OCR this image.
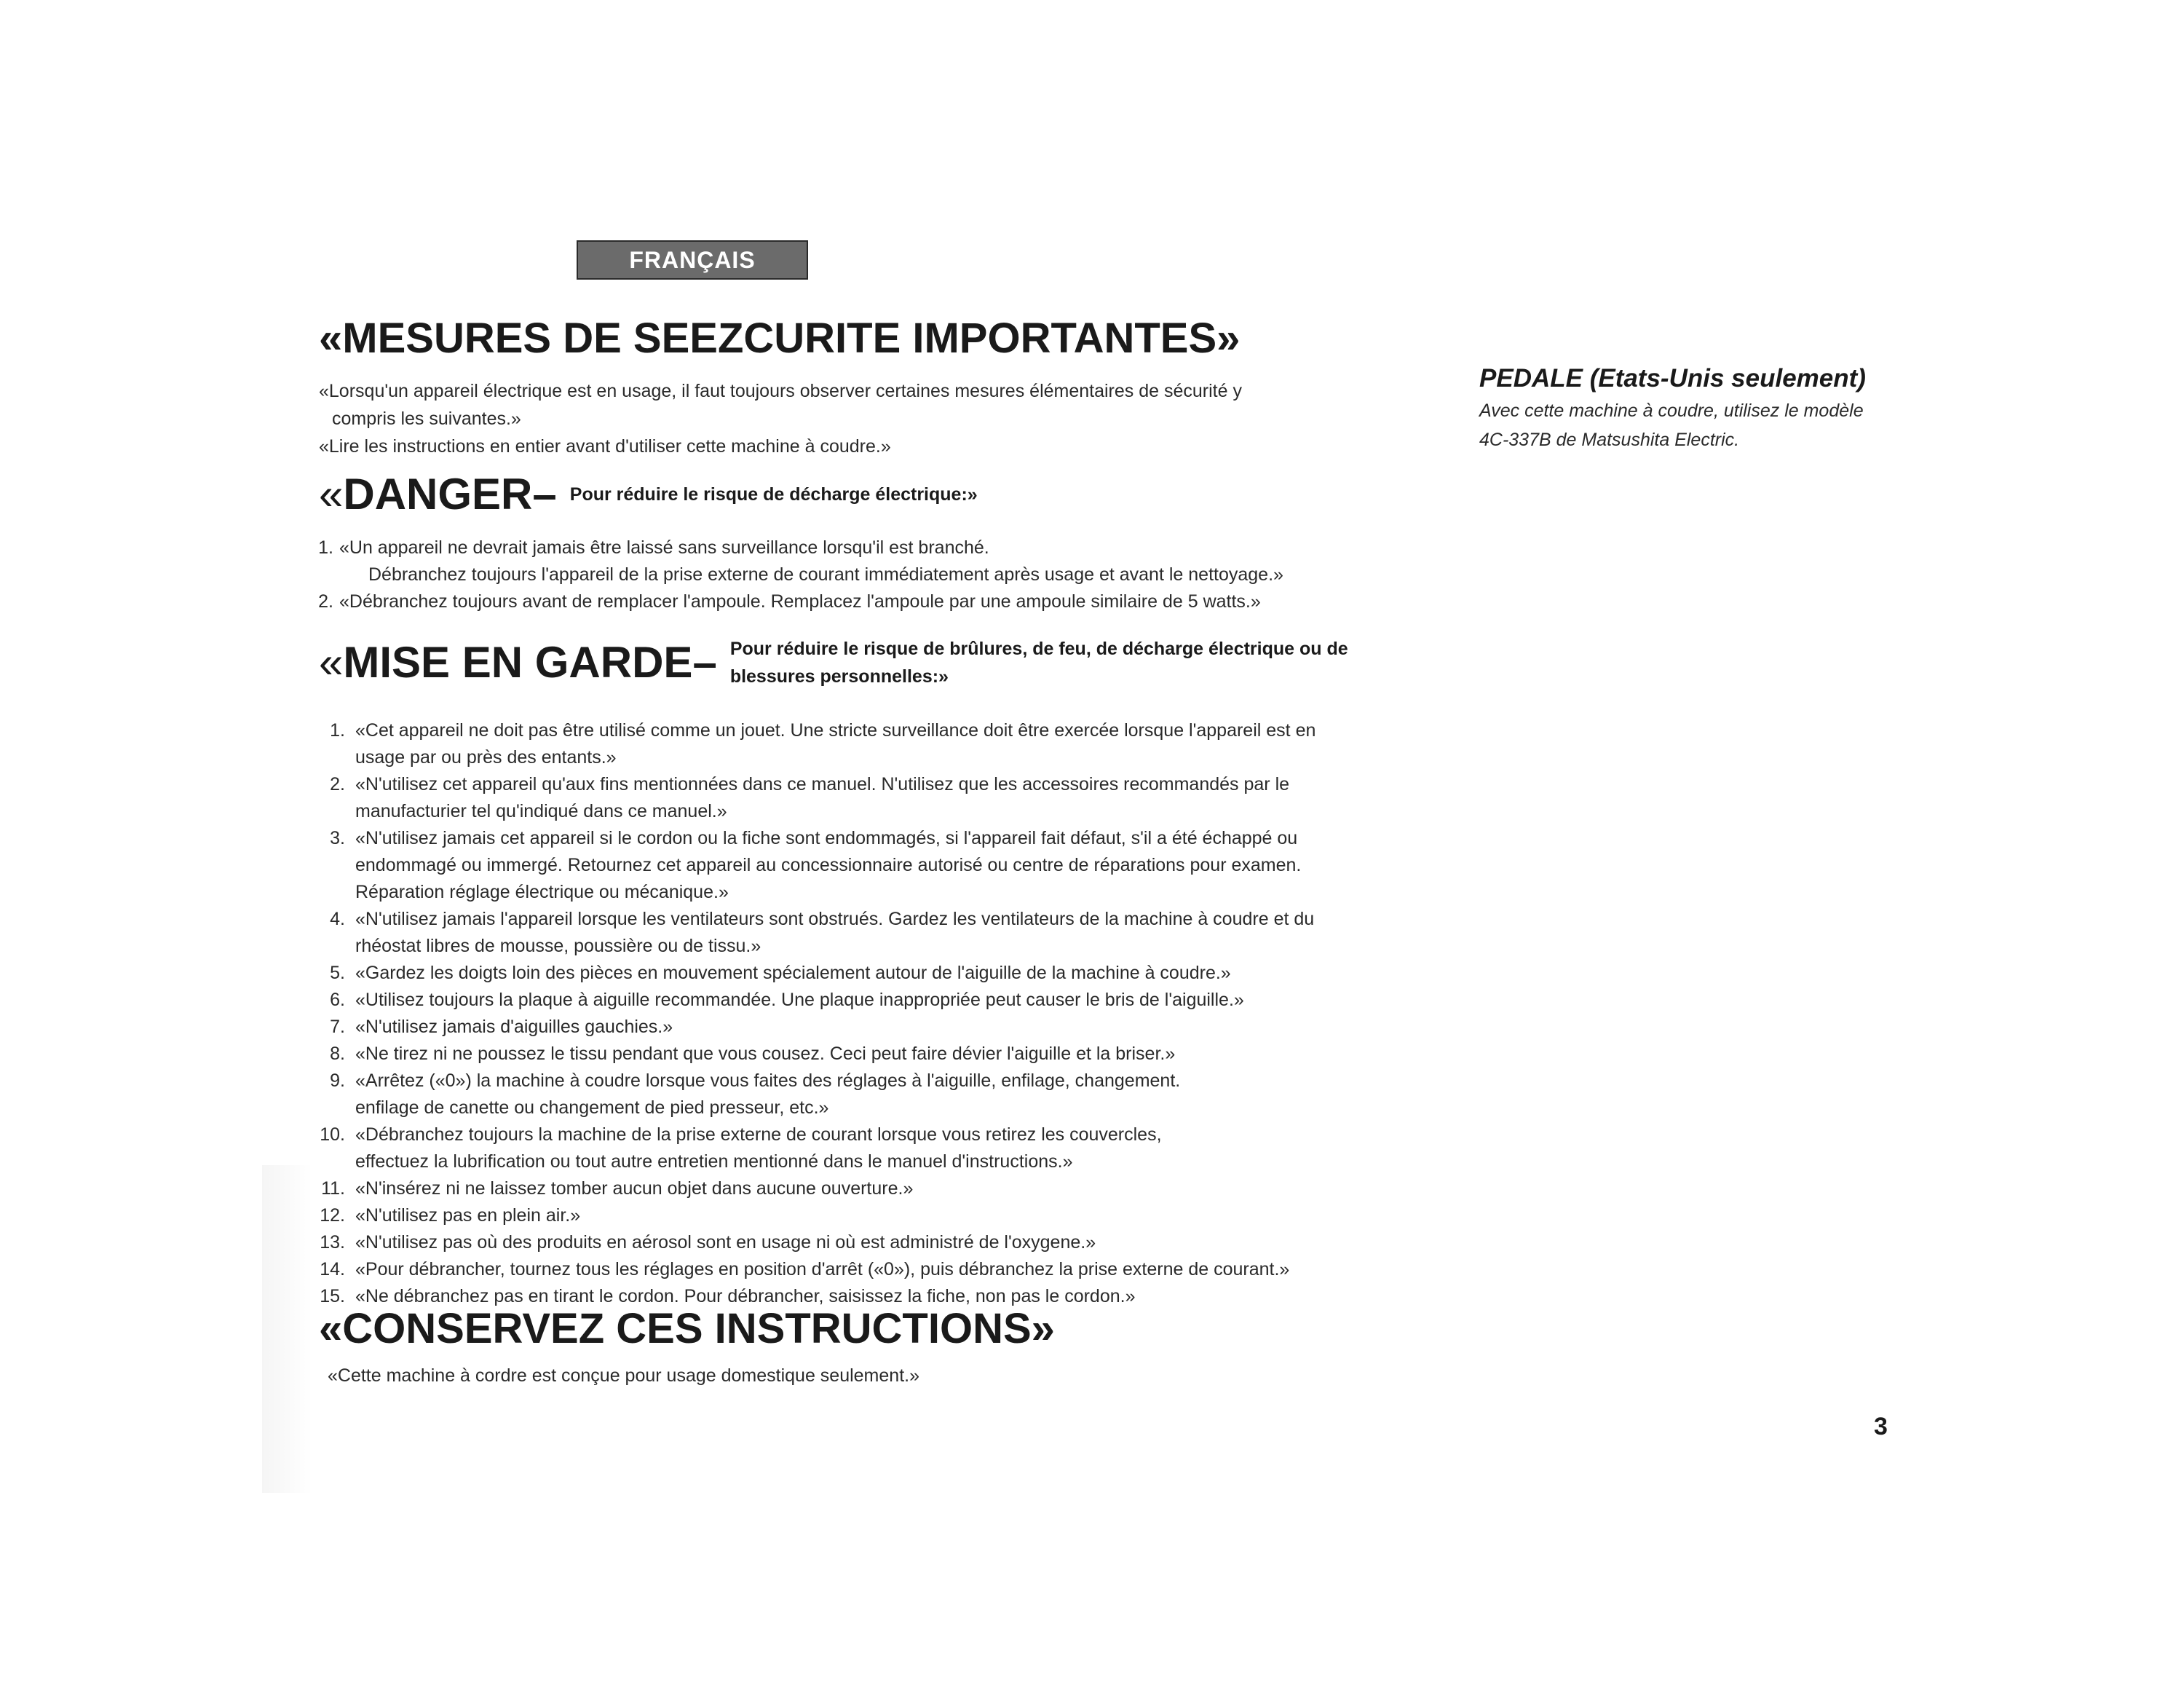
FRANÇAIS
«MESURES DE SEEZCURITE IMPORTANTES»
«Lorsqu'un appareil électrique est en usage, il faut toujours observer certaines mesures élémentaires de sécurité y
compris les suivantes.»
«Lire les instructions en entier avant d'utiliser cette machine à coudre.»
«DANGER– Pour réduire le risque de décharge électrique:»
1. «Un appareil ne devrait jamais être laissé sans surveillance lorsqu'il est branché.
Débranchez toujours l'appareil de la prise externe de courant immédiatement après usage et avant le nettoyage.»
2. «Débranchez toujours avant de remplacer l'ampoule. Remplacez l'ampoule par une ampoule similaire de 5 watts.»
«MISE EN GARDE– Pour réduire le risque de brûlures, de feu, de décharge électrique ou de
blessures personnelles:»
1. «Cet appareil ne doit pas être utilisé comme un jouet. Une stricte surveillance doit être exercée lorsque l'appareil est en
usage par ou près des entants.»
2. «N'utilisez cet appareil qu'aux fins mentionnées dans ce manuel. N'utilisez que les accessoires recommandés par le
manufacturier tel qu'indiqué dans ce manuel.»
3. «N'utilisez jamais cet appareil si le cordon ou la fiche sont endommagés, si l'appareil fait défaut, s'il a été échappé ou
endommagé ou immergé. Retournez cet appareil au concessionnaire autorisé ou centre de réparations pour examen.
Réparation réglage électrique ou mécanique.»
4. «N'utilisez jamais l'appareil lorsque les ventilateurs sont obstrués. Gardez les ventilateurs de la machine à coudre et du
rhéostat libres de mousse, poussière ou de tissu.»
5. «Gardez les doigts loin des pièces en mouvement spécialement autour de l'aiguille de la machine à coudre.»
6. «Utilisez toujours la plaque à aiguille recommandée. Une plaque inappropriée peut causer le bris de l'aiguille.»
7. «N'utilisez jamais d'aiguilles gauchies.»
8. «Ne tirez ni ne poussez le tissu pendant que vous cousez. Ceci peut faire dévier l'aiguille et la briser.»
9. «Arrêtez («0») la machine à coudre lorsque vous faites des réglages à l'aiguille, enfilage, changement.
enfilage de canette ou changement de pied presseur, etc.»
10. «Débranchez toujours la machine de la prise externe de courant lorsque vous retirez les couvercles,
effectuez la lubrification ou tout autre entretien mentionné dans le manuel d'instructions.»
11. «N'insérez ni ne laissez tomber aucun objet dans aucune ouverture.»
12. «N'utilisez pas en plein air.»
13. «N'utilisez pas où des produits en aérosol sont en usage ni où est administré de l'oxygene.»
14. «Pour débrancher, tournez tous les réglages en position d'arrêt («0»), puis débranchez la prise externe de courant.»
15. «Ne débranchez pas en tirant le cordon. Pour débrancher, saisissez la fiche, non pas le cordon.»
«CONSERVEZ CES INSTRUCTIONS»
«Cette machine à cordre est conçue pour usage domestique seulement.»
PEDALE (Etats-Unis seulement)
Avec cette machine à coudre, utilisez le modèle
4C-337B de Matsushita Electric.
3
